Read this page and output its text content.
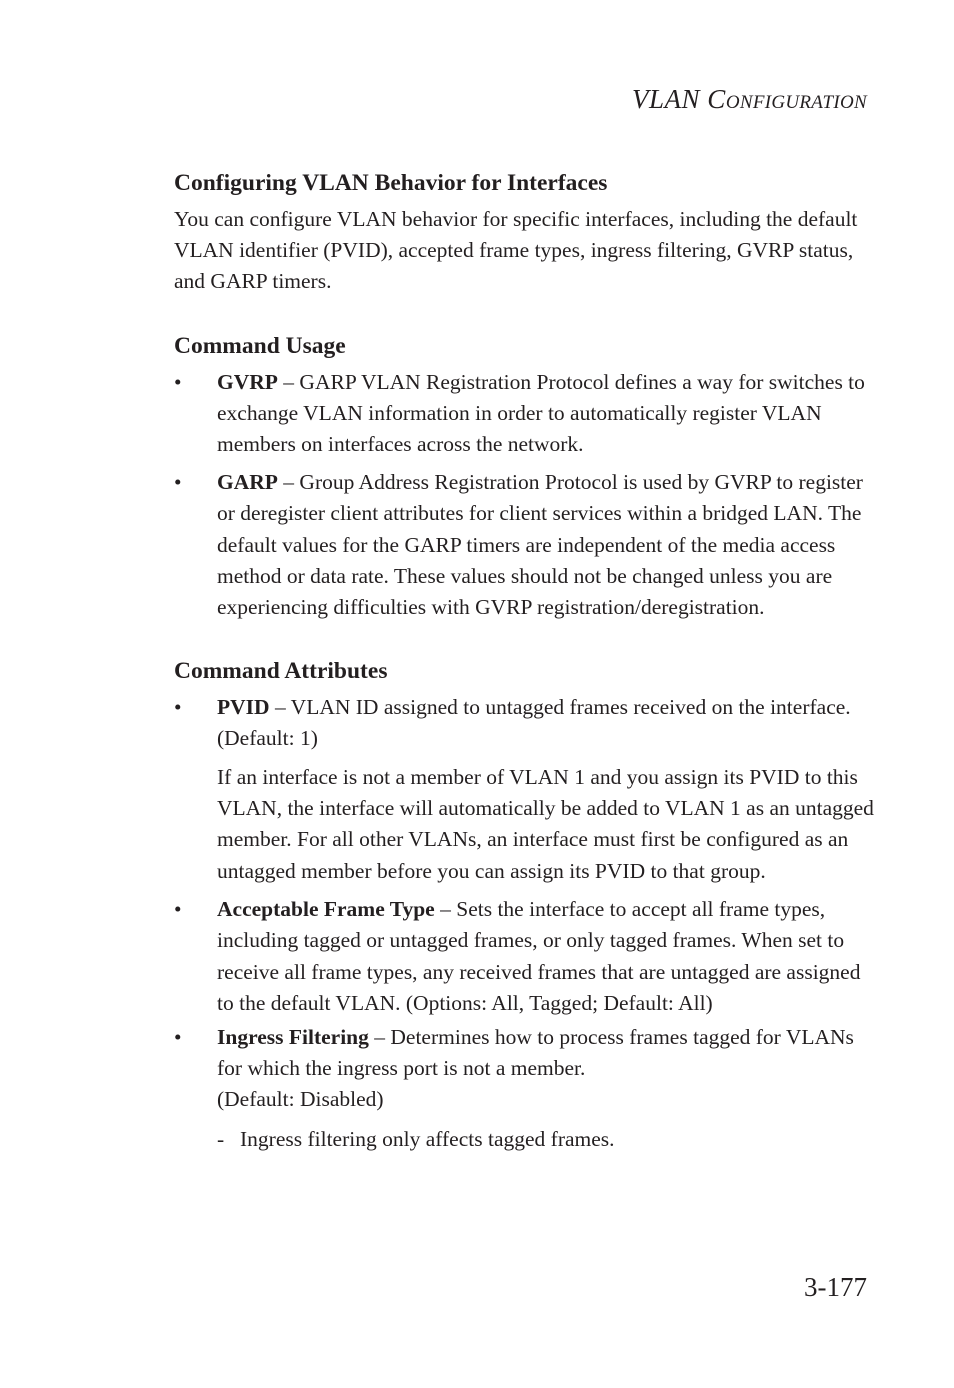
VLAN CONFIGURATION
Configuring VLAN Behavior for Interfaces

You can configure VLAN behavior for specific interfaces, including the default VLAN identifier (PVID), accepted frame types, ingress filtering, GVRP status, and GARP timers.

Command Usage
• GVRP – GARP VLAN Registration Protocol defines a way for switches to exchange VLAN information in order to automatically register VLAN members on interfaces across the network.
• GARP – Group Address Registration Protocol is used by GVRP to register or deregister client attributes for client services within a bridged LAN. The default values for the GARP timers are independent of the media access method or data rate. These values should not be changed unless you are experiencing difficulties with GVRP registration/deregistration.
Command Attributes
• PVID – VLAN ID assigned to untagged frames received on the interface. (Default: 1)
If an interface is not a member of VLAN 1 and you assign its PVID to this VLAN, the interface will automatically be added to VLAN 1 as an untagged member. For all other VLANs, an interface must first be configured as an untagged member before you can assign its PVID to that group.
• Acceptable Frame Type – Sets the interface to accept all frame types, including tagged or untagged frames, or only tagged frames. When set to receive all frame types, any received frames that are untagged are assigned to the default VLAN. (Options: All, Tagged; Default: All)
• Ingress Filtering – Determines how to process frames tagged for VLANs for which the ingress port is not a member.
(Default: Disabled)
- Ingress filtering only affects tagged frames.
3-177
